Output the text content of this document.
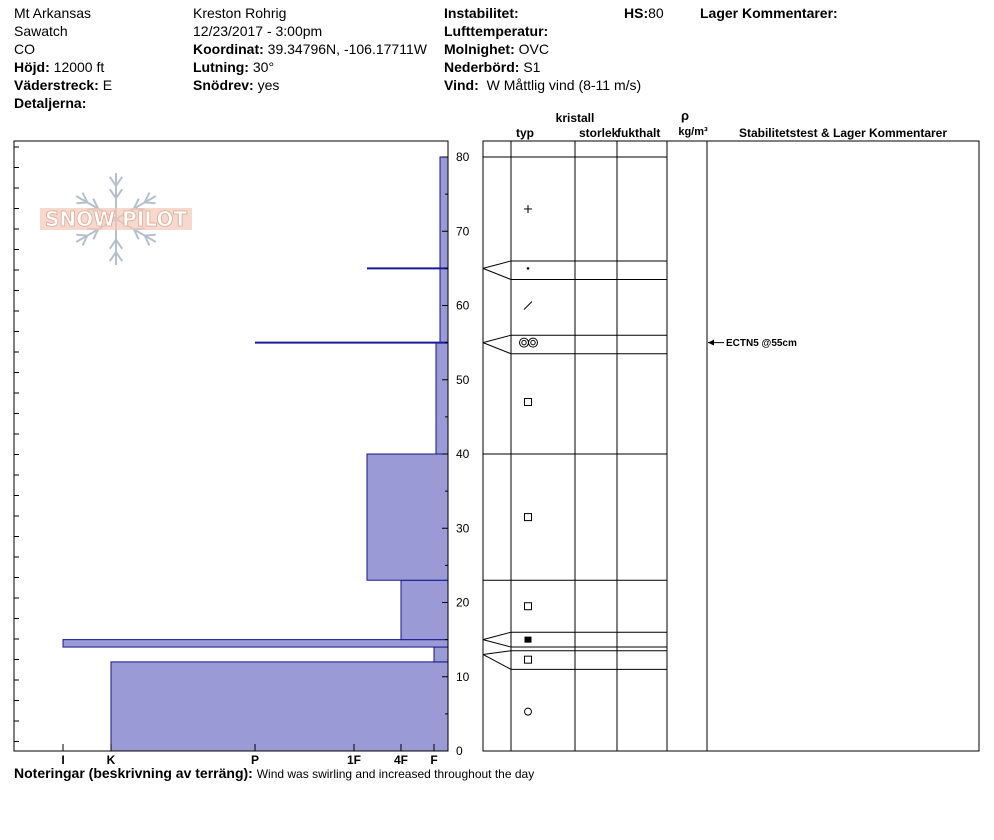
Mt Arkansas
Sawatch
CO
Höjd: 12000 ft
Väderstreck: E
Detaljerna:
Kreston Rohrig
12/23/2017 - 3:00pm
Koordinat: 39.34796N, -106.17711W
Lutning: 30°
Snödrev: yes
Instabilitet:
Lufttemperatur:
Molnighet: OVC
Nederbörd: S1
Vind: W Måttlig vind (8-11 m/s)
HS:80	Lager Kommentarer:
SNOW PILOT
0
10
20
30
40
50
60
70
80
I	K	P	1F	4F F
kristall
typ	storlek
fukthalt
ρ
kg/m³	Stabilitetstest & Lager Kommentarer
ECTN5 @55cm
Noteringar (beskrivning av terräng): Wind was swirling and increased throughout the day
